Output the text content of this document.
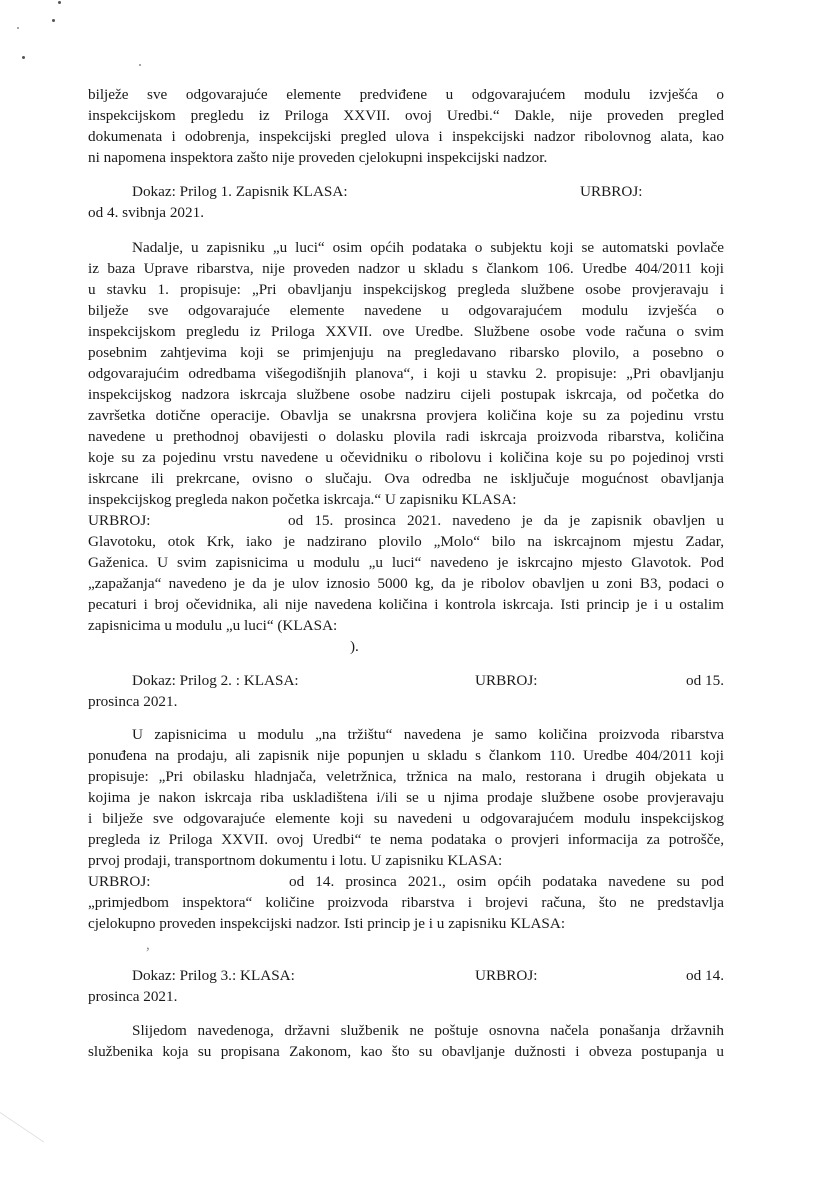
bilježe sve odgovarajuće elemente predviđene u odgovarajućem modulu izvješća o
inspekcijskom pregledu iz Priloga XXVII. ovoj Uredbi.“ Dakle, nije proveden pregled
dokumenata i odobrenja, inspekcijski pregled ulova i inspekcijski nadzor ribolovnog alata, kao
ni napomena inspektora zašto nije proveden cjelokupni inspekcijski nadzor.
Dokaz: Prilog 1. Zapisnik KLASA:	URBROJ:
od 4. svibnja 2021.
Nadalje, u zapisniku „u luci“ osim općih podataka o subjektu koji se automatski povlače
iz baza Uprave ribarstva, nije proveden nadzor u skladu s člankom 106. Uredbe 404/2011 koji
u stavku 1. propisuje: „Pri obavljanju inspekcijskog pregleda službene osobe provjeravaju i
bilježe sve odgovarajuće elemente navedene u odgovarajućem modulu izvješća o
inspekcijskom pregledu iz Priloga XXVII. ove Uredbe. Službene osobe vode računa o svim
posebnim zahtjevima koji se primjenjuju na pregledavano ribarsko plovilo, a posebno o
odgovarajućim odredbama višegodišnjih planova“, i koji u stavku 2. propisuje: „Pri obavljanju
inspekcijskog nadzora iskrcaja službene osobe nadziru cijeli postupak iskrcaja, od početka do
završetka dotične operacije. Obavlja se unakrsna provjera količina koje su za pojedinu vrstu
navedene u prethodnoj obavijesti o dolasku plovila radi iskrcaja proizvoda ribarstva, količina
koje su za pojedinu vrstu navedene u očevidniku o ribolovu i količina koje su po pojedinoj vrsti
iskrcane ili prekrcane, ovisno o slučaju. Ova odredba ne isključuje mogućnost obavljanja
inspekcijskog pregleda nakon početka iskrcaja.“ U zapisniku KLASA:
URBROJ:	od 15. prosinca 2021. navedeno je da je zapisnik obavljen u
Glavotoku, otok Krk, iako je nadzirano plovilo „Molo“ bilo na iskrcajnom mjestu Zadar,
Gaženica. U svim zapisnicima u modulu „u luci“ navedeno je iskrcajno mjesto Glavotok. Pod
„zapažanja“ navedeno je da je ulov iznosio 5000 kg, da je ribolov obavljen u zoni B3, podaci o
pecaturi i broj očevidnika, ali nije navedena količina i kontrola iskrcaja. Isti princip je i u ostalim
zapisnicima u modulu „u luci“ (KLASA:
).
Dokaz: Prilog 2. : KLASA:	URBROJ:	od 15.
prosinca 2021.
U zapisnicima u modulu „na tržištu“ navedena je samo količina proizvoda ribarstva
ponuđena na prodaju, ali zapisnik nije popunjen u skladu s člankom 110. Uredbe 404/2011 koji
propisuje: „Pri obilasku hladnjača, veletržnica, tržnica na malo, restorana i drugih objekata u
kojima je nakon iskrcaja riba uskladištena i/ili se u njima prodaje službene osobe provjeravaju
i bilježe sve odgovarajuće elemente koji su navedeni u odgovarajućem modulu inspekcijskog
pregleda iz Priloga XXVII. ovoj Uredbi“ te nema podataka o provjeri informacija za potrošče,
prvoj prodaji, transportnom dokumentu i lotu. U zapisniku KLASA:
URBROJ:	od 14. prosinca 2021., osim općih podataka navedene su pod
„primjedbom inspektora“ količine proizvoda ribarstva i brojevi računa, što ne predstavlja
cjelokupno proveden inspekcijski nadzor. Isti princip je i u zapisniku KLASA:
,
Dokaz: Prilog 3.: KLASA:	URBROJ:	od 14.
prosinca 2021.
Slijedom navedenoga, državni službenik ne poštuje osnovna načela ponašanja državnih
službenika koja su propisana Zakonom, kao što su obavljanje dužnosti i obveza postupanja u
